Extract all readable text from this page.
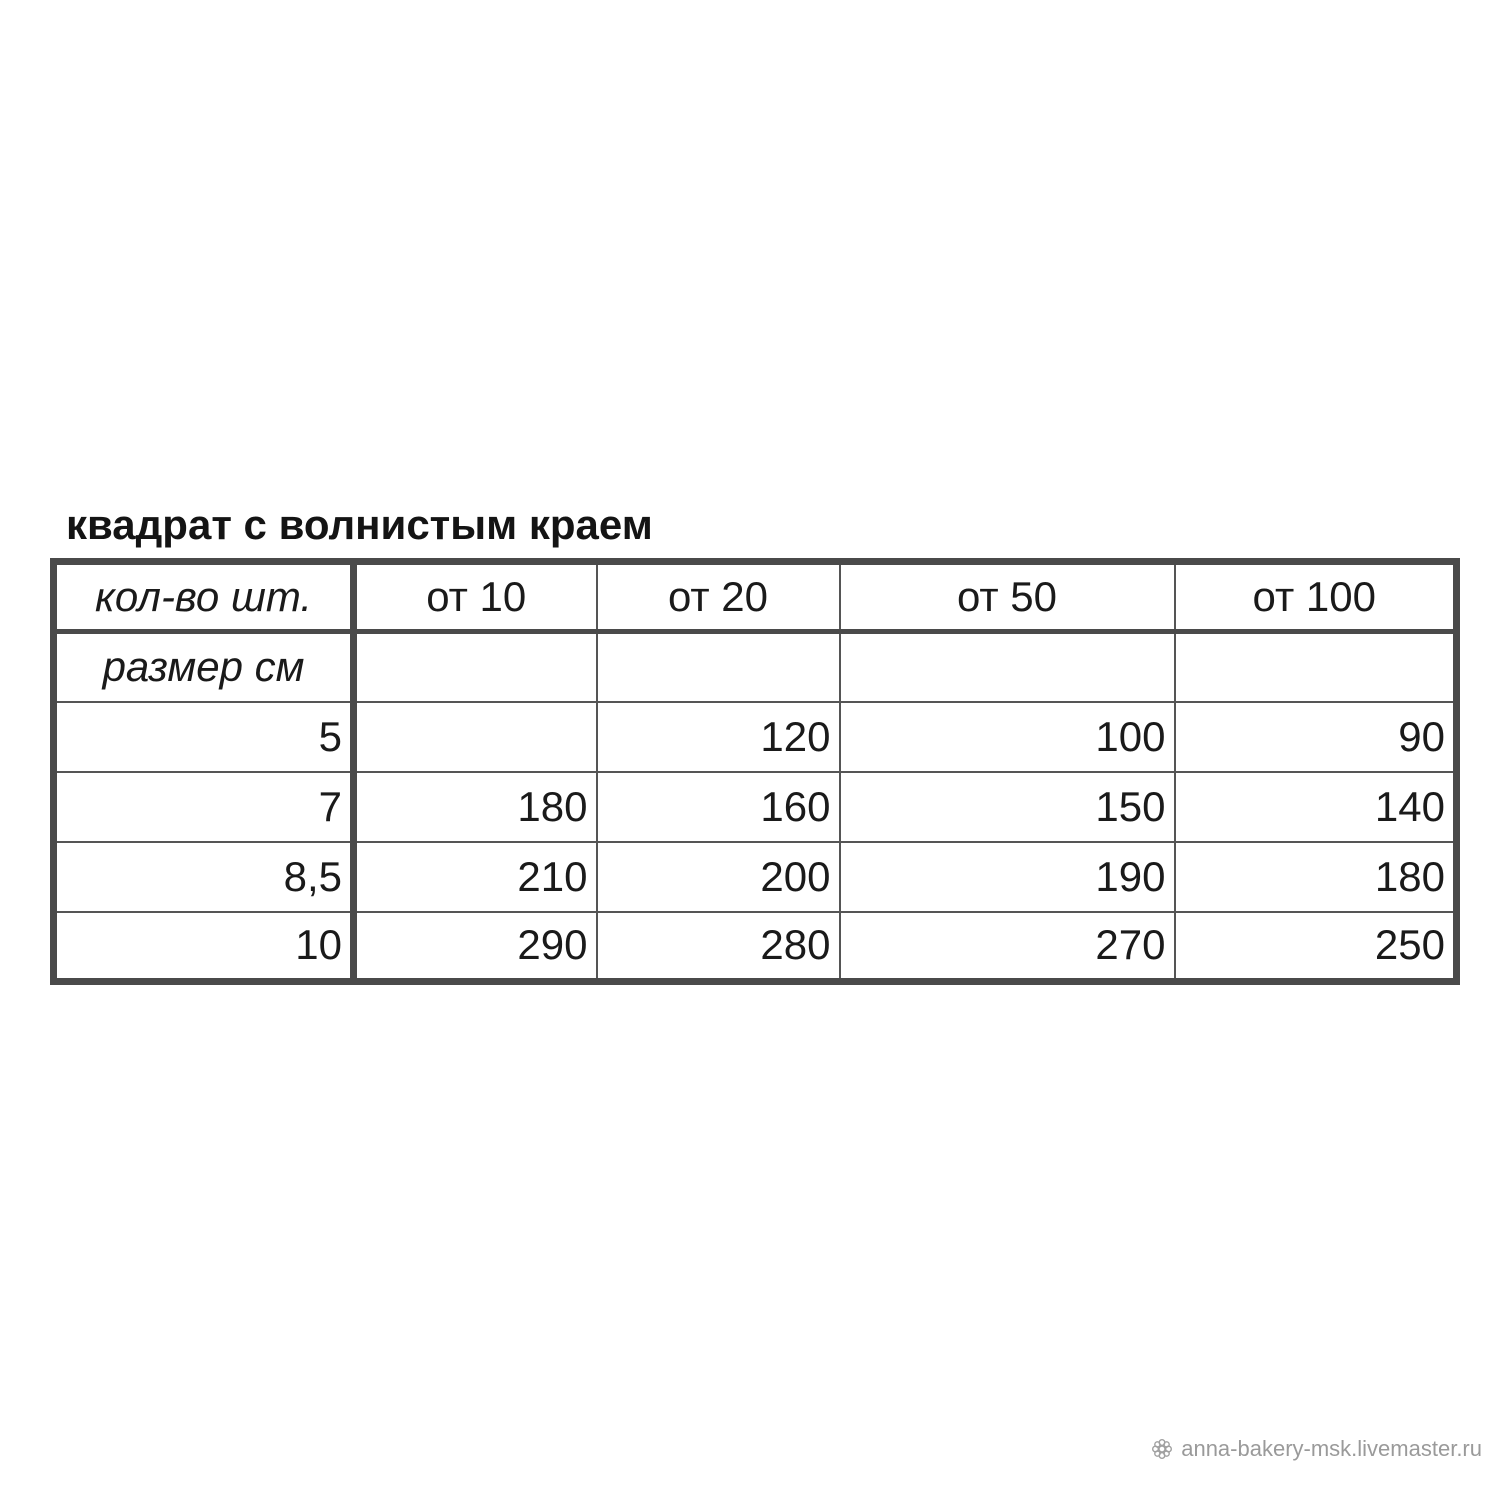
квадрат с волнистым краем
кол-во шт.	от 10	от 20	от 50	от 100
размер см				
5		120	100	90
7	180	160	150	140
8,5	210	200	190	180
10	290	280	270	250
anna-bakery-msk.livemaster.ru
